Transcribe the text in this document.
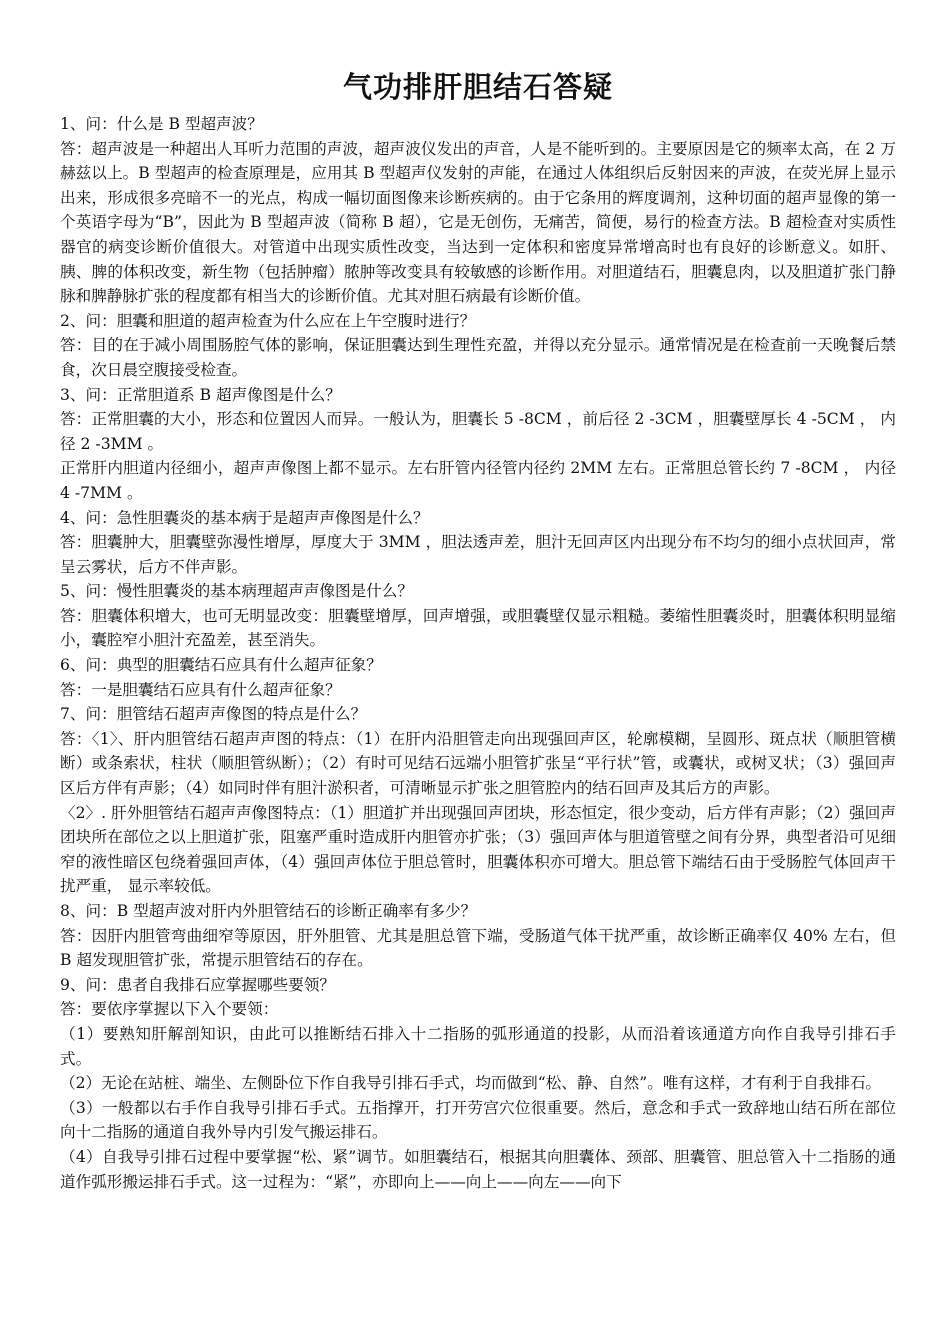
气功排肝胆结石答疑

1、问：什么是 B 型超声波？

答：超声波是一种超出人耳听力范围的声波，超声波仪发出的声音，人是不能听到的。主要原因是它的频率太高，在 2 万赫兹以上。B 型超声的检查原理是，应用其 B 型超声仪发射的声能，在通过人体组织后反射因来的声波，在荧光屏上显示出来，形成很多亮暗不一的光点，构成一幅切面图像来诊断疾病的。由于它条用的辉度调剂，这种切面的超声显像的第一个英语字母为“B”，因此为 B 型超声波（简称 B 超），它是无创伤，无痛苦，简便，易行的检查方法。B 超检查对实质性器官的病变诊断价值很大。对管道中出现实质性改变，当达到一定体积和密度异常增高时也有良好的诊断意义。如肝、胰、脾的体积改变，新生物（包括肿瘤）脓肿等改变具有较敏感的诊断作用。对胆道结石，胆囊息肉，以及胆道扩张门静脉和脾静脉扩张的程度都有相当大的诊断价值。尤其对胆石病最有诊断价值。

2、问：胆囊和胆道的超声检查为什么应在上午空腹时进行？

答：目的在于减小周围肠腔气体的影响，保证胆囊达到生理性充盈，并得以充分显示。通常情况是在检查前一天晚餐后禁食，次日晨空腹接受检查。

3、问：正常胆道系 B 超声像图是什么？

答：正常胆囊的大小，形态和位置因人而异。一般认为，胆囊长 5 -8CM ，前后径 2 -3CM ，胆囊壁厚长 4 -5CM ， 内径 2 -3MM 。

正常肝内胆道内径细小，超声声像图上都不显示。左右肝管内径管内径约 2MM 左右。正常胆总管长约 7 -8CM ， 内径 4 -7MM 。

4、问：急性胆囊炎的基本病于是超声声像图是什么？

答：胆囊肿大，胆囊壁弥漫性增厚，厚度大于 3MM ，胆法透声差，胆汁无回声区内出现分布不均匀的细小点状回声，常呈云雾状，后方不伴声影。

5、问：慢性胆囊炎的基本病理超声声像图是什么？

答：胆囊体积增大，也可无明显改变：胆囊壁增厚，回声增强，或胆囊壁仅显示粗糙。萎缩性胆囊炎时，胆囊体积明显缩小，囊腔窄小胆汁充盈差，甚至消失。

6、问：典型的胆囊结石应具有什么超声征象？

答：一是胆囊结石应具有什么超声征象？

7、问：胆管结石超声声像图的特点是什么？

答：〈1〉、肝内胆管结石超声声图的特点：（1）在肝内沿胆管走向出现强回声区，轮廓模糊，呈圆形、斑点状（顺胆管横断）或条索状，柱状（顺胆管纵断）；（2）有时可见结石远端小胆管扩张呈“平行状”管，或囊状，或树叉状；（3）强回声区后方伴有声影；（4）如同时伴有胆汁淤积者，可清晰显示扩张之胆管腔内的结石回声及其后方的声影。

〈2〉. 肝外胆管结石超声声像图特点：（1）胆道扩并出现强回声团块，形态恒定，很少变动，后方伴有声影；（2）强回声团块所在部位之以上胆道扩张，阻塞严重时造成肝内胆管亦扩张；（3）强回声体与胆道管壁之间有分界，典型者沿可见细窄的液性暗区包绕着强回声体，（4）强回声体位于胆总管时，胆囊体积亦可增大。胆总管下端结石由于受肠腔气体回声干扰严重， 显示率较低。

8、问：B 型超声波对肝内外胆管结石的诊断正确率有多少？

答：因肝内胆管弯曲细窄等原因，肝外胆管、尤其是胆总管下端，受肠道气体干扰严重，故诊断正确率仅 40% 左右，但 B 超发现胆管扩张，常提示胆管结石的存在。

9、问：患者自我排石应掌握哪些要领？

答：要依序掌握以下入个要领：

（1）要熟知肝解剖知识，由此可以推断结石排入十二指肠的弧形通道的投影，从而沿着该通道方向作自我导引排石手式。

（2）无论在站桩、端坐、左侧卧位下作自我导引排石手式，均而做到“松、静、自然”。唯有这样，才有利于自我排石。

（3）一般都以右手作自我导引排石手式。五指撑开，打开劳宫穴位很重要。然后，意念和手式一致辞地山结石所在部位向十二指肠的通道自我外导内引发气搬运排石。

（4）自我导引排石过程中要掌握“松、紧”调节。如胆囊结石，根据其向胆囊体、颈部、胆囊管、胆总管入十二指肠的通道作弧形搬运排石手式。这一过程为：“紧”，亦即向上——向上——向左——向下
